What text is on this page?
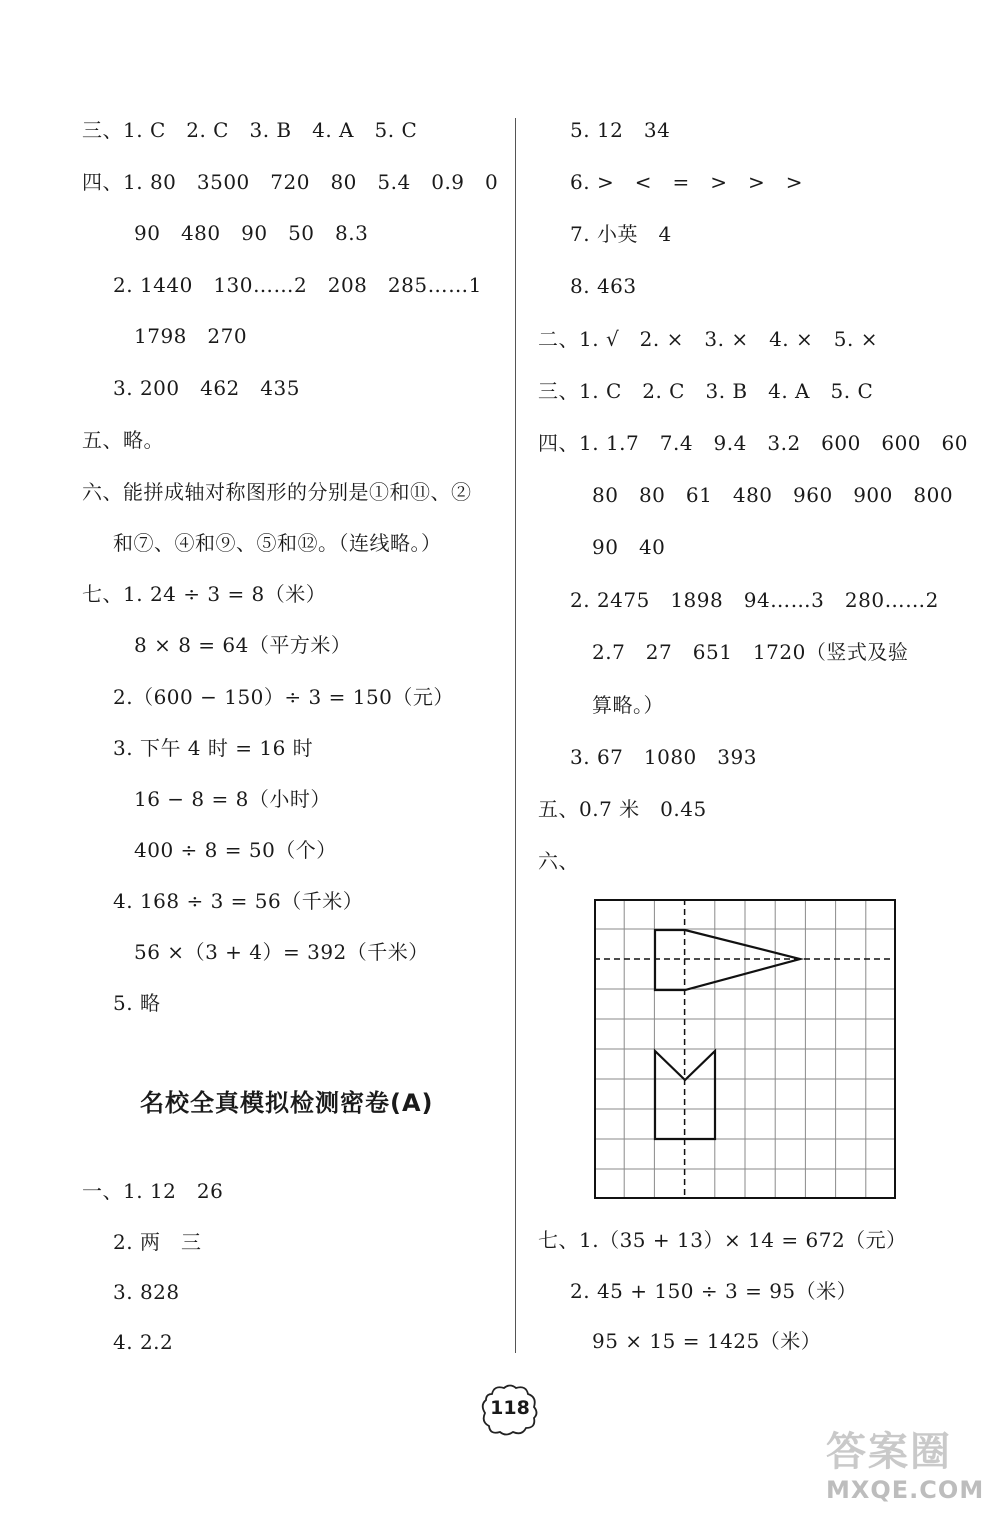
三、1. C　2. C　3. B　4. A　5. C
四、1. 80　3500　720　80　5.4　0.9　0
90　480　90　50　8.3
2. 1440　130……2　208　285……1
1798　270
3. 200　462　435
五、略。
六、能拼成轴对称图形的分别是①和⑪、②
和⑦、④和⑨、⑤和⑫。（连线略。）
七、1. 24 ÷ 3 = 8（米）
8 × 8 = 64（平方米）
2.（600 − 150）÷ 3 = 150（元）
3. 下午 4 时 = 16 时
16 − 8 = 8（小时）
400 ÷ 8 = 50（个）
4. 168 ÷ 3 = 56（千米）
56 ×（3 + 4）= 392（千米）
5. 略
名校全真模拟检测密卷(A)
一、1. 12　26
2. 两　三
3. 828
4. 2.2
5. 12　34
6. >　<　=　>　>　>
7. 小英　4
8. 463
二、1. √　2. ×　3. ×　4. ×　5. ×
三、1. C　2. C　3. B　4. A　5. C
四、1. 1.7　7.4　9.4　3.2　600　600　60
80　80　61　480　960　900　800
90　40
2. 2475　1898　94……3　280……2
2.7　27　651　1720（竖式及验
算略。）
3. 67　1080　393
五、0.7 米　0.45
六、
七、1.（35 + 13）× 14 = 672（元）
2. 45 + 150 ÷ 3 = 95（米）
95 × 15 = 1425（米）
118
答案圈
MXQE.COM
